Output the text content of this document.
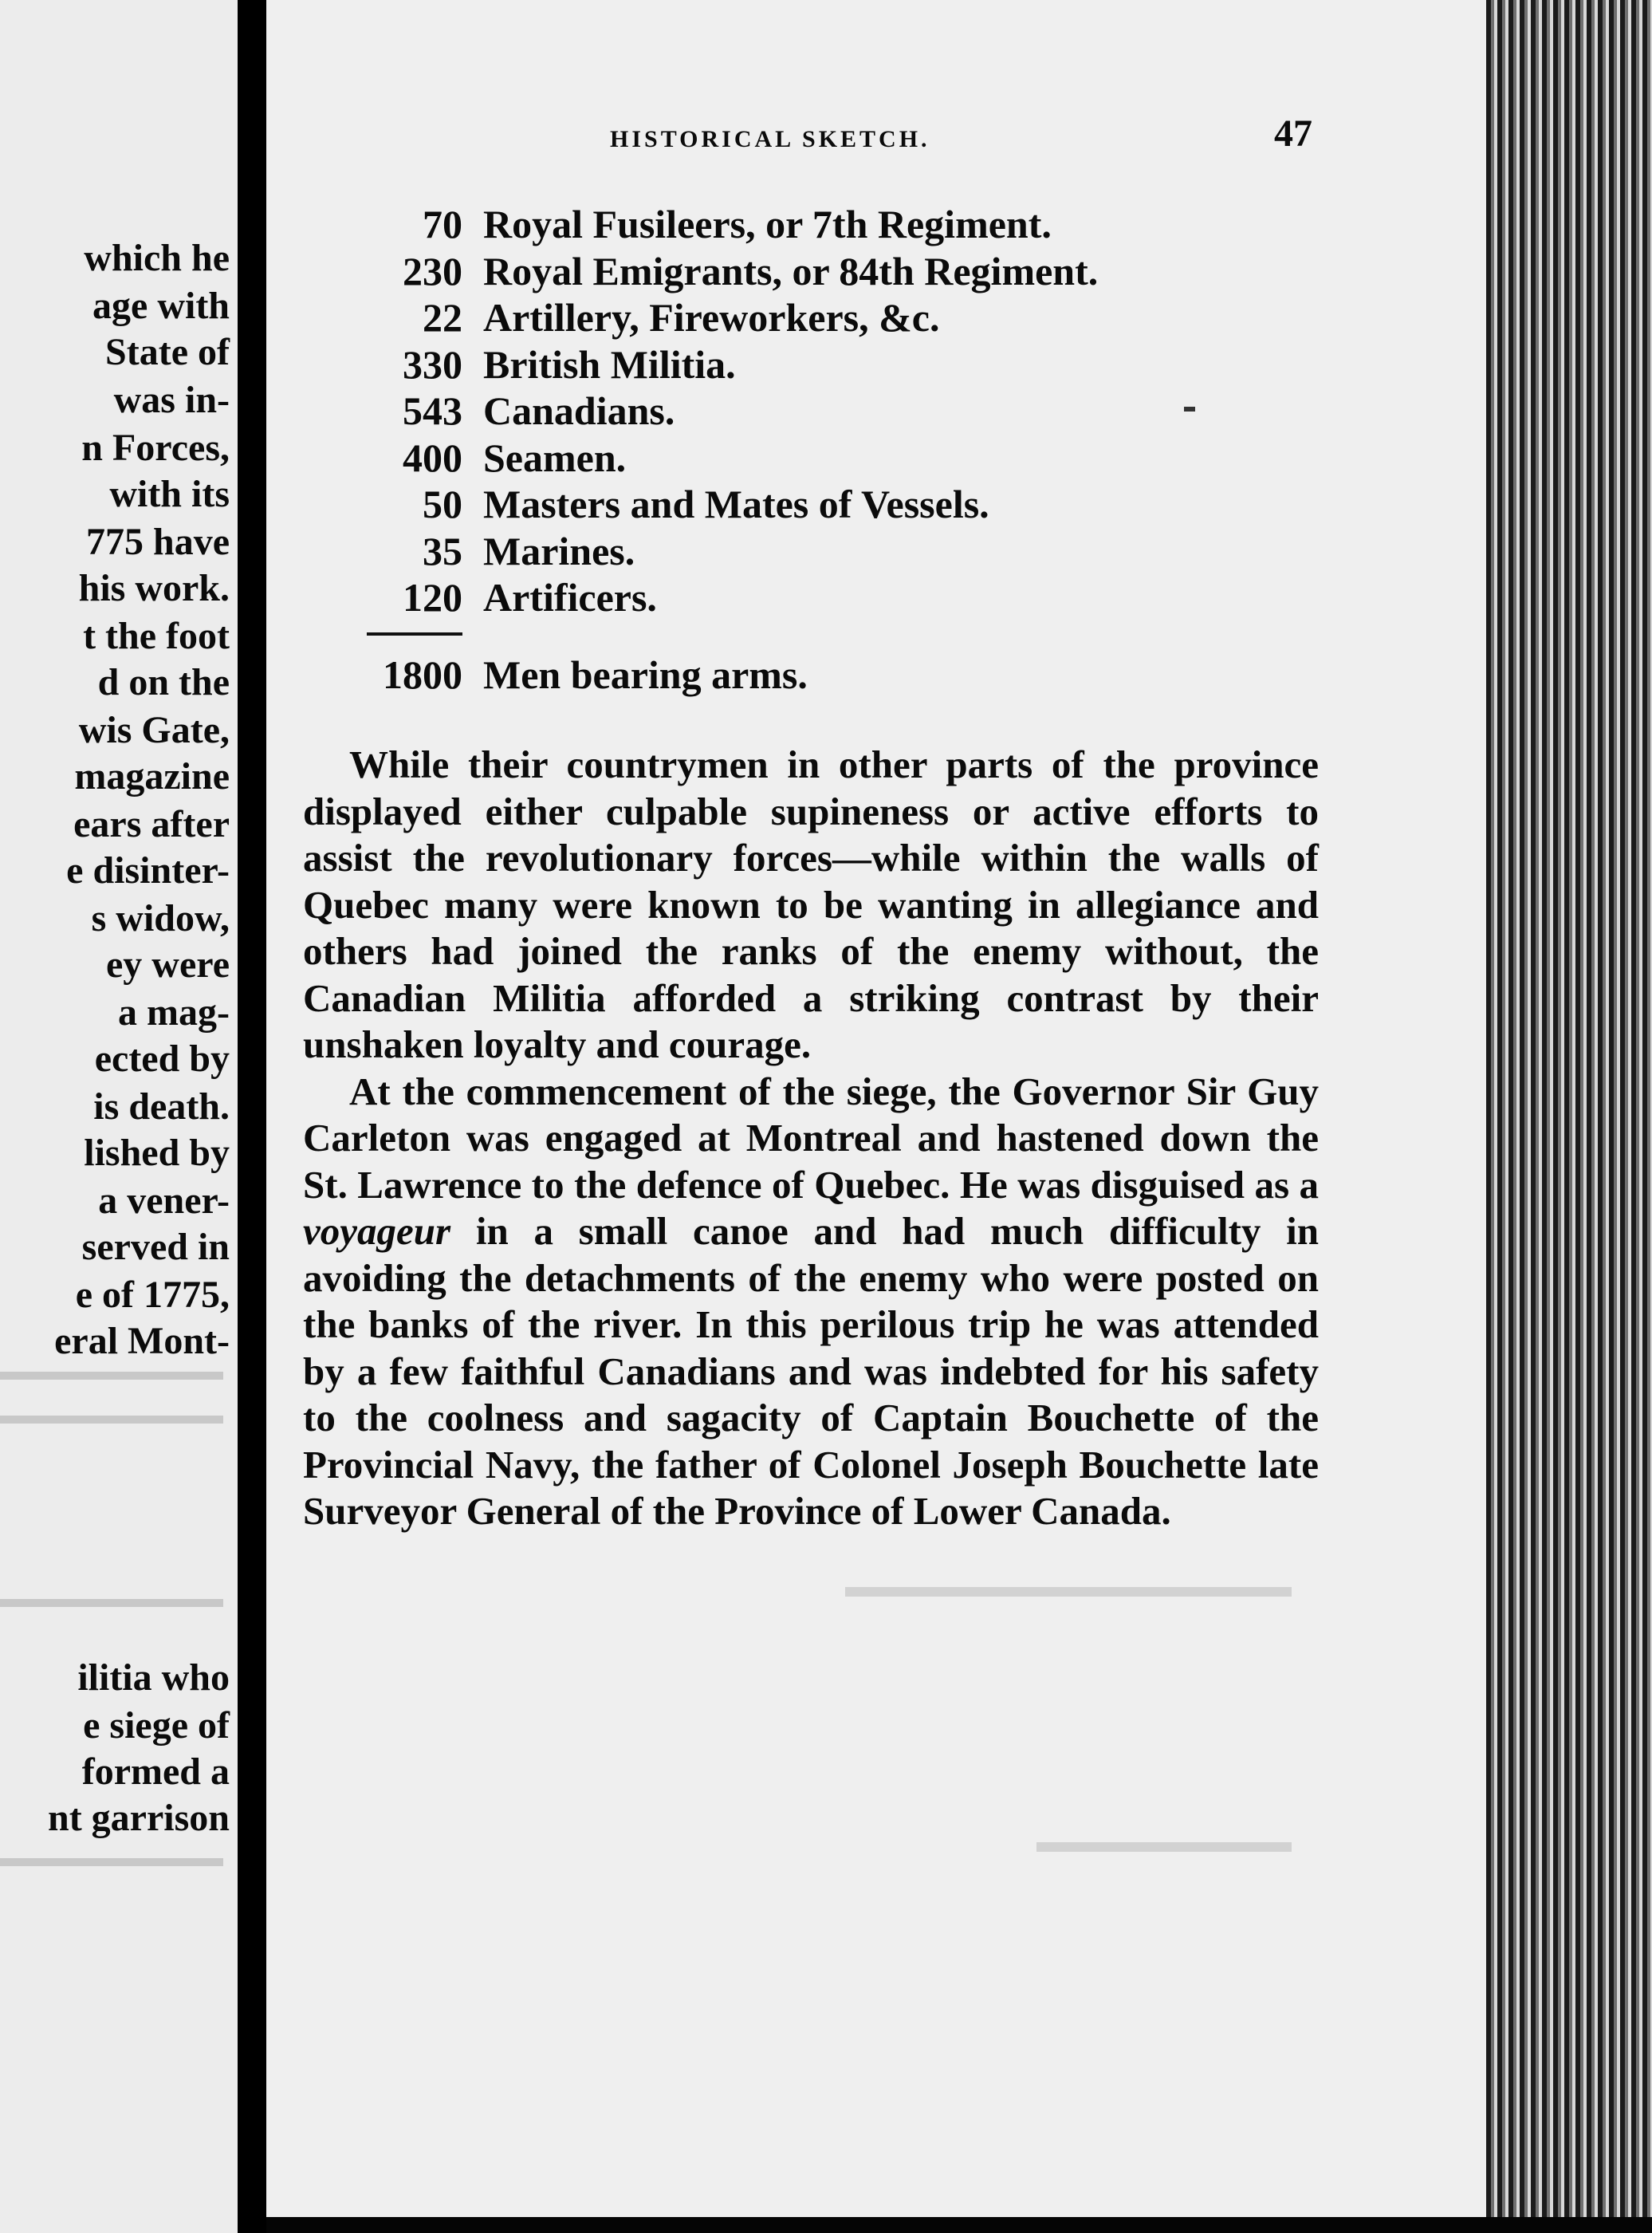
which he
age with
State of
was in-
n Forces,
with its
775 have
his work.
t the foot
d on the
wis Gate,
magazine
ears after
e disinter-
s widow,
ey were
a mag-
ected by
is death.
lished by
a vener-
served in
e of 1775,
eral Mont-
ilitia who
e siege of
formed a
nt garrison
HISTORICAL SKETCH.	47
70 Royal Fusileers, or 7th Regiment.
230 Royal Emigrants, or 84th Regiment.
22 Artillery, Fireworkers, &c.
330 British Militia.
543 Canadians.
400 Seamen.
50 Masters and Mates of Vessels.
35 Marines.
120 Artificers.
1800 Men bearing arms.

While their countrymen in other parts of the province displayed either culpable supineness or active efforts to assist the revolutionary forces—while within the walls of Quebec many were known to be wanting in allegiance and others had joined the ranks of the enemy without, the Canadian Militia afforded a striking contrast by their unshaken loyalty and courage.

At the commencement of the siege, the Governor Sir Guy Carleton was engaged at Montreal and hastened down the St. Lawrence to the defence of Quebec. He was disguised as a voyageur in a small canoe and had much difficulty in avoiding the detachments of the enemy who were posted on the banks of the river. In this perilous trip he was attended by a few faithful Canadians and was indebted for his safety to the coolness and sagacity of Captain Bouchette of the Provincial Navy, the father of Colonel Joseph Bouchette late Surveyor General of the Province of Lower Canada.
